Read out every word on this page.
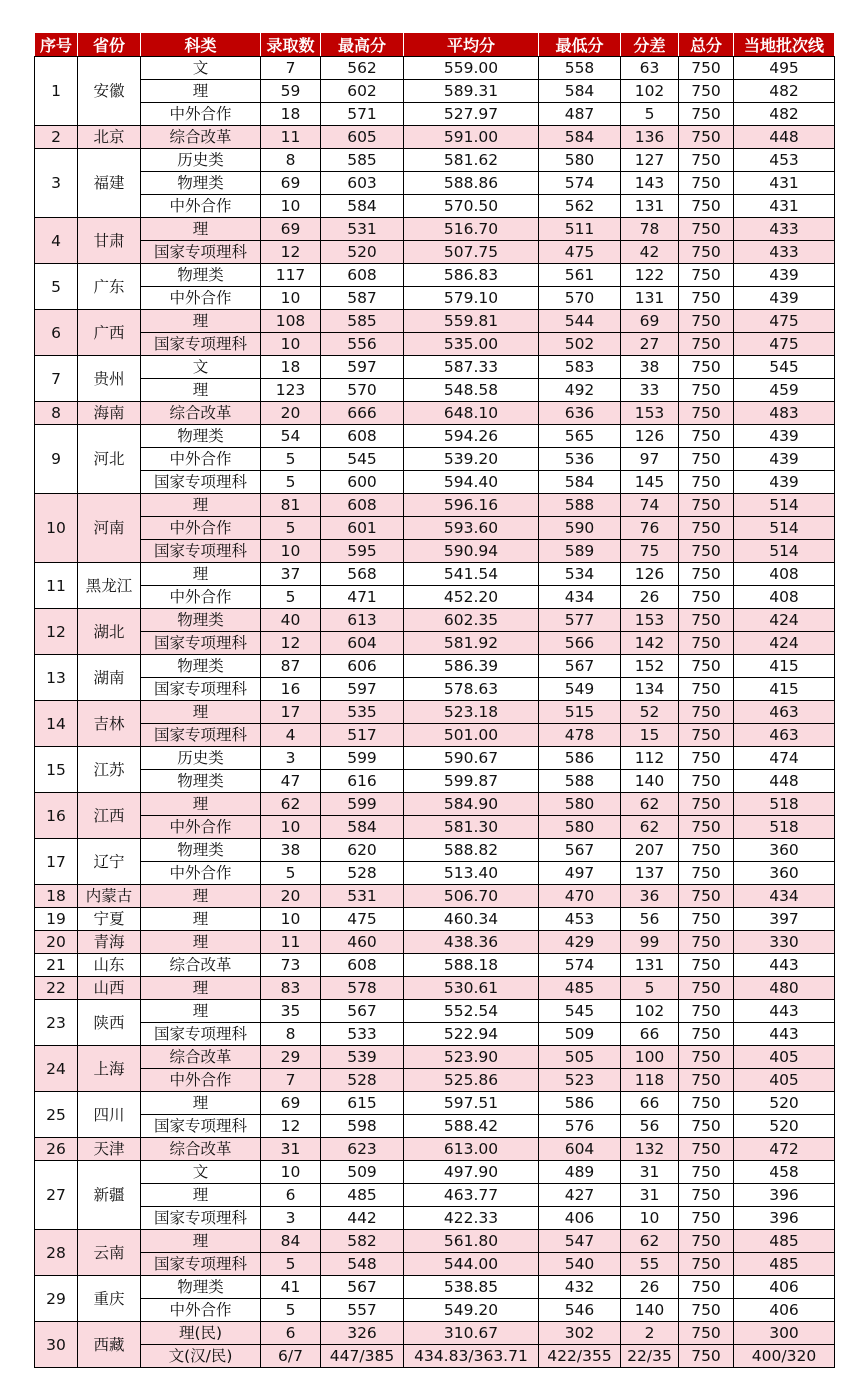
序号	省份	科类	录取数	最高分	平均分	最低分	分差	总分	当地批次线
1	安徽	文	7	562	559.00	558	63	750	495
		理	59	602	589.31	584	102	750	482
		中外合作	18	571	527.97	487	5	750	482
2	北京	综合改革	11	605	591.00	584	136	750	448
3	福建	历史类	8	585	581.62	580	127	750	453
		物理类	69	603	588.86	574	143	750	431
		中外合作	10	584	570.50	562	131	750	431
4	甘肃	理	69	531	516.70	511	78	750	433
		国家专项理科	12	520	507.75	475	42	750	433
5	广东	物理类	117	608	586.83	561	122	750	439
		中外合作	10	587	579.10	570	131	750	439
6	广西	理	108	585	559.81	544	69	750	475
		国家专项理科	10	556	535.00	502	27	750	475
7	贵州	文	18	597	587.33	583	38	750	545
		理	123	570	548.58	492	33	750	459
8	海南	综合改革	20	666	648.10	636	153	750	483
9	河北	物理类	54	608	594.26	565	126	750	439
		中外合作	5	545	539.20	536	97	750	439
		国家专项理科	5	600	594.40	584	145	750	439
10	河南	理	81	608	596.16	588	74	750	514
		中外合作	5	601	593.60	590	76	750	514
		国家专项理科	10	595	590.94	589	75	750	514
11	黑龙江	理	37	568	541.54	534	126	750	408
		中外合作	5	471	452.20	434	26	750	408
12	湖北	物理类	40	613	602.35	577	153	750	424
		国家专项理科	12	604	581.92	566	142	750	424
13	湖南	物理类	87	606	586.39	567	152	750	415
		国家专项理科	16	597	578.63	549	134	750	415
14	吉林	理	17	535	523.18	515	52	750	463
		国家专项理科	4	517	501.00	478	15	750	463
15	江苏	历史类	3	599	590.67	586	112	750	474
		物理类	47	616	599.87	588	140	750	448
16	江西	理	62	599	584.90	580	62	750	518
		中外合作	10	584	581.30	580	62	750	518
17	辽宁	物理类	38	620	588.82	567	207	750	360
		中外合作	5	528	513.40	497	137	750	360
18	内蒙古	理	20	531	506.70	470	36	750	434
19	宁夏	理	10	475	460.34	453	56	750	397
20	青海	理	11	460	438.36	429	99	750	330
21	山东	综合改革	73	608	588.18	574	131	750	443
22	山西	理	83	578	530.61	485	5	750	480
23	陕西	理	35	567	552.54	545	102	750	443
		国家专项理科	8	533	522.94	509	66	750	443
24	上海	综合改革	29	539	523.90	505	100	750	405
		中外合作	7	528	525.86	523	118	750	405
25	四川	理	69	615	597.51	586	66	750	520
		国家专项理科	12	598	588.42	576	56	750	520
26	天津	综合改革	31	623	613.00	604	132	750	472
27	新疆	文	10	509	497.90	489	31	750	458
		理	6	485	463.77	427	31	750	396
		国家专项理科	3	442	422.33	406	10	750	396
28	云南	理	84	582	561.80	547	62	750	485
		国家专项理科	5	548	544.00	540	55	750	485
29	重庆	物理类	41	567	538.85	432	26	750	406
		中外合作	5	557	549.20	546	140	750	406
30	西藏	理(民)	6	326	310.67	302	2	750	300
		文(汉/民)	6/7	447/385	434.83/363.71	422/355	22/35	750	400/320
